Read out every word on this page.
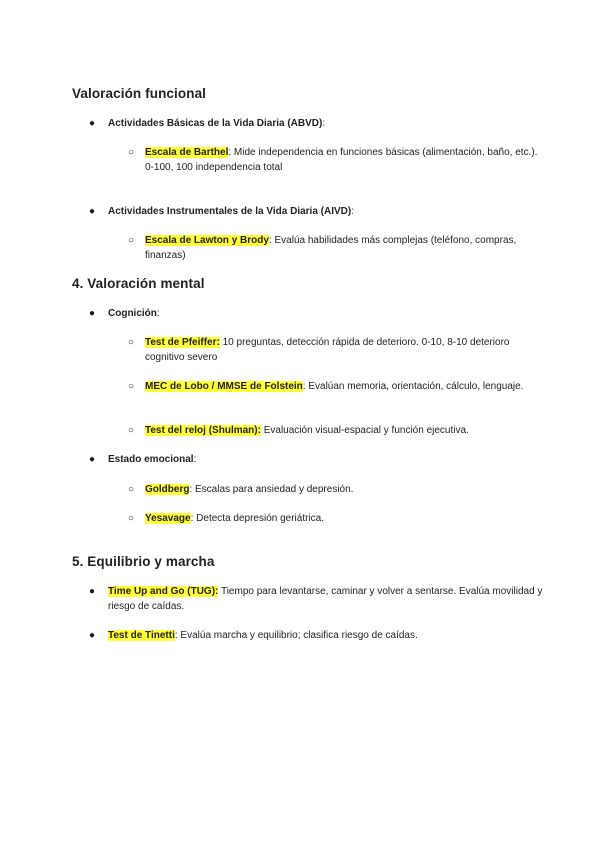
Valoración funcional
● Actividades Básicas de la Vida Diaria (ABVD):
○ Escala de Barthel: Mide independencia en funciones básicas (alimentación, baño, etc.). 0-100, 100 independencia total
● Actividades Instrumentales de la Vida Diaria (AIVD):
○ Escala de Lawton y Brody: Evalúa habilidades más complejas (teléfono, compras, finanzas)
4. Valoración mental
● Cognición:
○ Test de Pfeiffer: 10 preguntas, detección rápida de deterioro. 0-10, 8-10 deterioro cognitivo severo
○ MEC de Lobo / MMSE de Folstein: Evalúan memoria, orientación, cálculo, lenguaje.
○ Test del reloj (Shulman): Evaluación visual-espacial y función ejecutiva.
● Estado emocional:
○ Goldberg: Escalas para ansiedad y depresión.
○ Yesavage: Detecta depresión geriátrica.
5. Equilibrio y marcha
● Time Up and Go (TUG): Tiempo para levantarse, caminar y volver a sentarse. Evalúa movilidad y riesgo de caídas.
● Test de Tinetti: Evalúa marcha y equilibrio; clasifica riesgo de caídas.
